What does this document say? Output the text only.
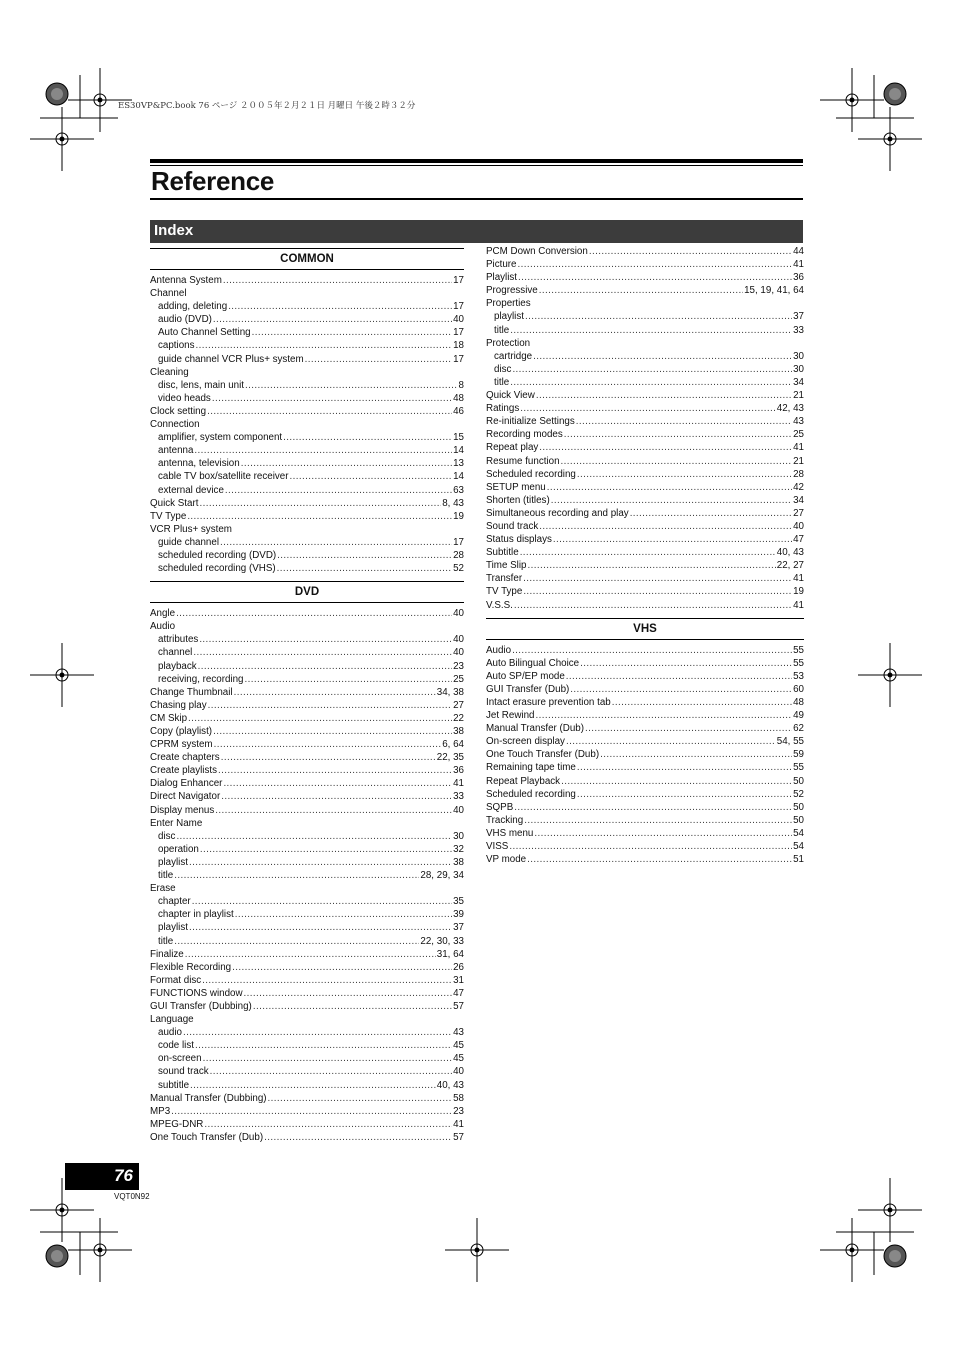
ES30VP&PC.book 76 ページ ２００５年２月２１日 月曜日 午後２時３２分
Reference
Index
COMMON
Antenna System .....	17
Channel
adding, deleting .....	17
audio (DVD) .....	40
Auto Channel Setting .....	17
captions .....	18
guide channel VCR Plus+ system .....	17
Cleaning
disc, lens, main unit .....	8
video heads .....	48
Clock setting .....	46
Connection
amplifier, system component .....	15
antenna .....	14
antenna, television .....	13
cable TV box/satellite receiver .....	14
external device .....	63
Quick Start .....	8, 43
TV Type .....	19
VCR Plus+ system
guide channel .....	17
scheduled recording (DVD) .....	28
scheduled recording (VHS) .....	52
DVD
Angle .....	40
Audio
attributes .....	40
channel .....	40
playback .....	23
receiving, recording .....	25
Change Thumbnail .....	34, 38
Chasing play .....	27
CM Skip .....	22
Copy (playlist) .....	38
CPRM system .....	6, 64
Create chapters .....	22, 35
Create playlists .....	36
Dialog Enhancer .....	41
Direct Navigator .....	33
Display menus .....	40
Enter Name
disc .....	30
operation .....	32
playlist .....	38
title .....	28, 29, 34
Erase
chapter .....	35
chapter in playlist .....	39
playlist .....	37
title .....	22, 30, 33
Finalize .....	31, 64
Flexible Recording .....	26
Format disc .....	31
FUNCTIONS window .....	47
GUI Transfer (Dubbing) .....	57
Language
audio .....	43
code list .....	45
on-screen .....	45
sound track .....	40
subtitle .....	40, 43
Manual Transfer (Dubbing) .....	58
MP3 .....	23
MPEG-DNR .....	41
One Touch Transfer (Dub) .....	57
PCM Down Conversion .....	44
Picture .....	41
Playlist .....	36
Progressive .....	15, 19, 41, 64
Properties
playlist .....	37
title .....	33
Protection
cartridge .....	30
disc .....	30
title .....	34
Quick View .....	21
Ratings .....	42, 43
Re-initialize Settings .....	43
Recording modes .....	25
Repeat play .....	41
Resume function .....	21
Scheduled recording .....	28
SETUP menu .....	42
Shorten (titles) .....	34
Simultaneous recording and play .....	27
Sound track .....	40
Status displays .....	47
Subtitle .....	40, 43
Time Slip .....	22, 27
Transfer .....	41
TV Type .....	19
V.S.S. .....	41
VHS
Audio .....	55
Auto Bilingual Choice .....	55
Auto SP/EP mode .....	53
GUI Transfer (Dub) .....	60
Intact erasure prevention tab .....	48
Jet Rewind .....	49
Manual Transfer (Dub) .....	62
On-screen display .....	54, 55
One Touch Transfer (Dub) .....	59
Remaining tape time .....	55
Repeat Playback .....	50
Scheduled recording .....	52
SQPB .....	50
Tracking .....	50
VHS menu .....	54
VISS .....	54
VP mode .....	51
76
VQT0N92
